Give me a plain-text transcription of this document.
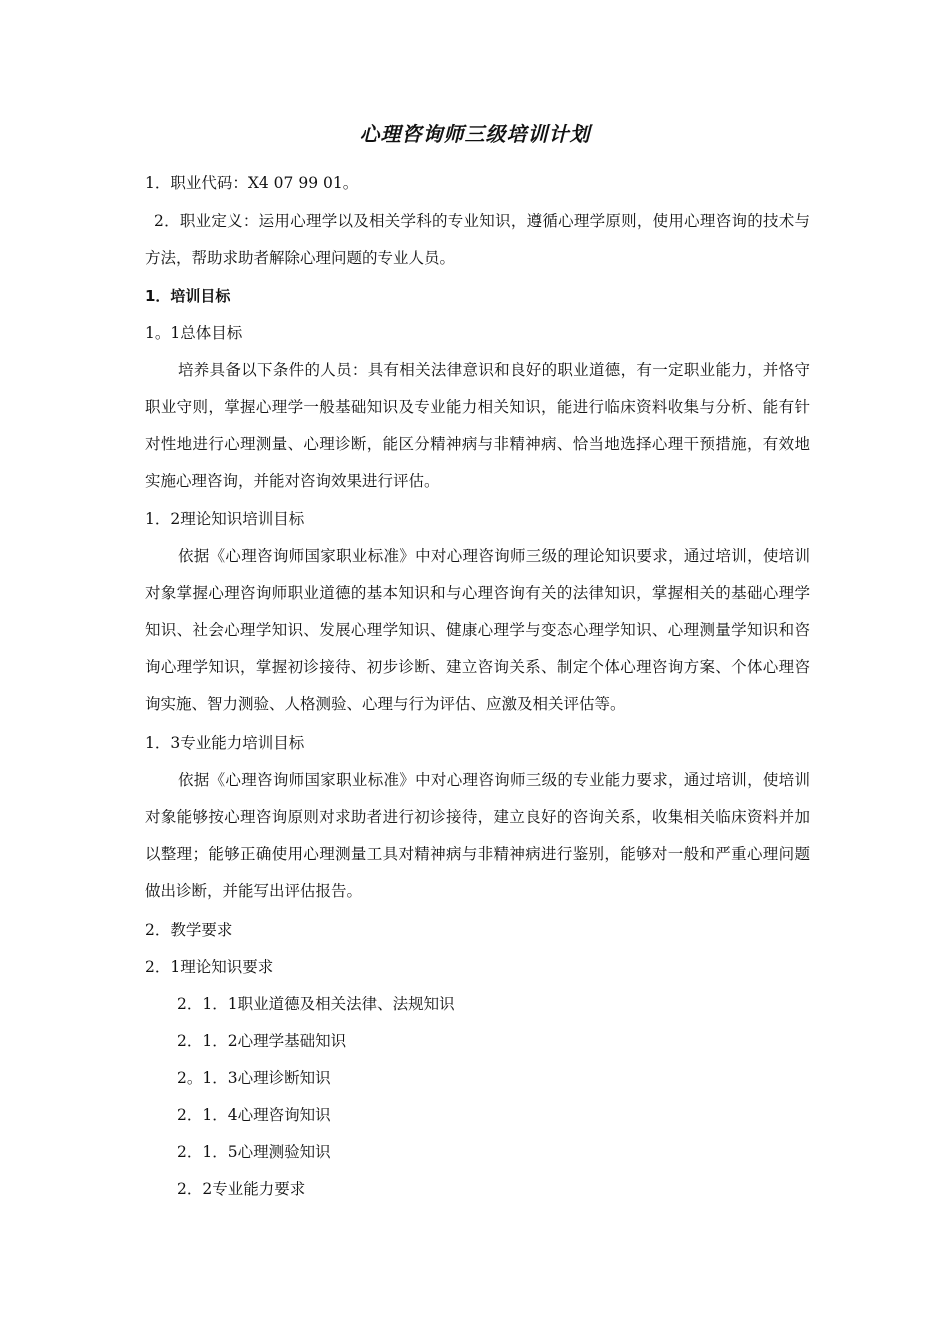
心理咨询师三级培训计划
1．职业代码：X4 07 99 01。
2．职业定义：运用心理学以及相关学科的专业知识，遵循心理学原则，使用心理咨询的技术与方法，帮助求助者解除心理问题的专业人员。
1．培训目标
1。1总体目标
培养具备以下条件的人员：具有相关法律意识和良好的职业道德，有一定职业能力，并恪守职业守则，掌握心理学一般基础知识及专业能力相关知识，能进行临床资料收集与分析、能有针对性地进行心理测量、心理诊断，能区分精神病与非精神病、恰当地选择心理干预措施，有效地实施心理咨询，并能对咨询效果进行评估。
1．2理论知识培训目标
依据《心理咨询师国家职业标准》中对心理咨询师三级的理论知识要求，通过培训，使培训对象掌握心理咨询师职业道德的基本知识和与心理咨询有关的法律知识，掌握相关的基础心理学知识、社会心理学知识、发展心理学知识、健康心理学与变态心理学知识、心理测量学知识和咨询心理学知识，掌握初诊接待、初步诊断、建立咨询关系、制定个体心理咨询方案、个体心理咨询实施、智力测验、人格测验、心理与行为评估、应激及相关评估等。
1．3专业能力培训目标
依据《心理咨询师国家职业标准》中对心理咨询师三级的专业能力要求，通过培训，使培训对象能够按心理咨询原则对求助者进行初诊接待，建立良好的咨询关系，收集相关临床资料并加以整理；能够正确使用心理测量工具对精神病与非精神病进行鉴别，能够对一般和严重心理问题做出诊断，并能写出评估报告。
2．教学要求
2．1理论知识要求
2．1．1职业道德及相关法律、法规知识
2．1．2心理学基础知识
2。1．3心理诊断知识
2．1．4心理咨询知识
2．1．5心理测验知识
2．2专业能力要求
